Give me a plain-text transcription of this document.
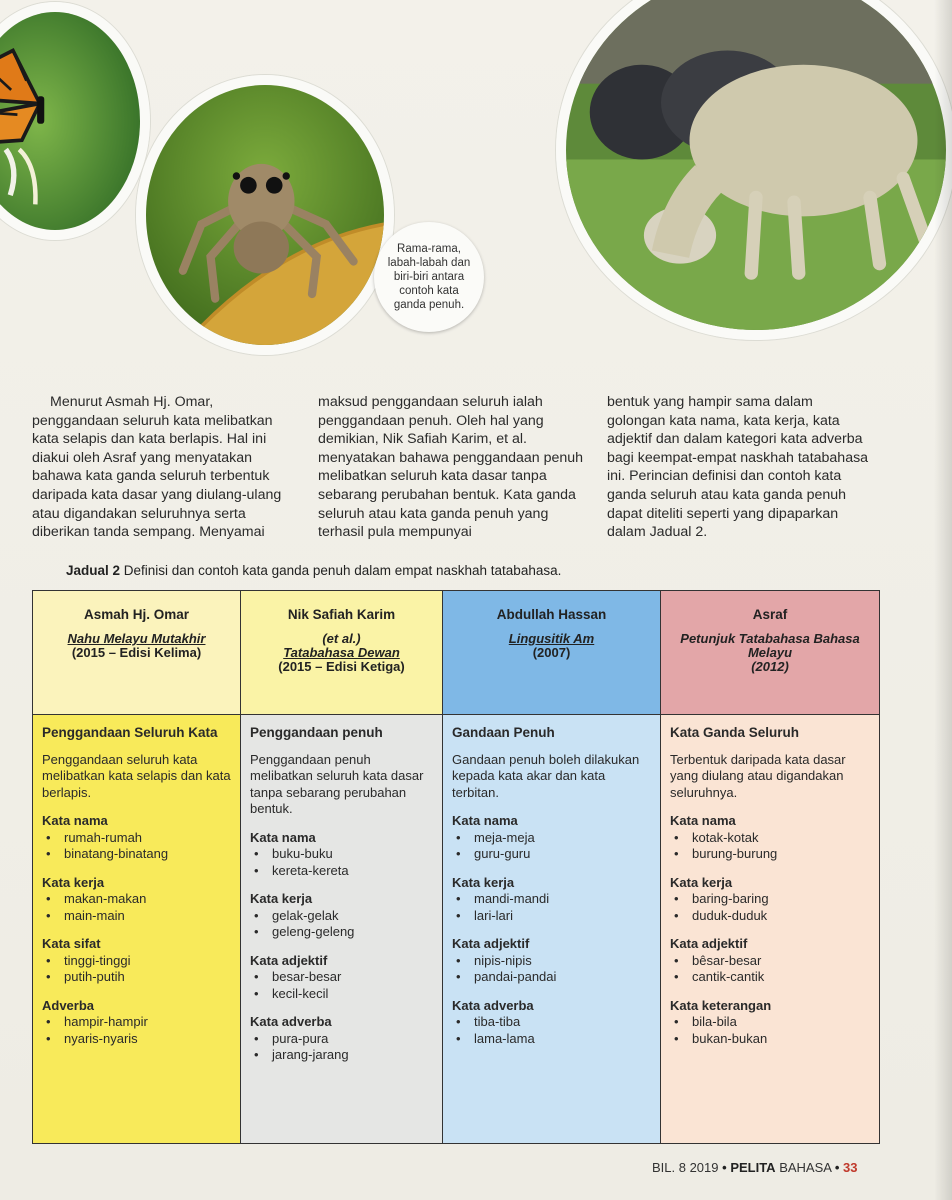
Rama-rama, labah-labah dan biri-biri antara contoh kata ganda penuh.

Menurut Asmah Hj. Omar, penggandaan seluruh kata melibatkan kata selapis dan kata berlapis. Hal ini diakui oleh Asraf yang menyatakan bahawa kata ganda seluruh terbentuk daripada kata dasar yang diulang-ulang atau digandakan seluruhnya serta diberikan tanda sempang. Menyamai

maksud penggandaan seluruh ialah penggandaan penuh. Oleh hal yang demikian, Nik Safiah Karim, et al. menyatakan bahawa penggandaan penuh melibatkan seluruh kata dasar tanpa sebarang perubahan bentuk. Kata ganda seluruh atau kata ganda penuh yang terhasil pula mempunyai

bentuk yang hampir sama dalam golongan kata nama, kata kerja, kata adjektif dan dalam kategori kata adverba bagi keempat-empat naskhah tatabahasa ini. Perincian definisi dan contoh kata ganda seluruh atau kata ganda penuh dapat diteliti seperti yang dipaparkan dalam Jadual 2.

Jadual 2 Definisi dan contoh kata ganda penuh dalam empat naskhah tatabahasa.
Asmah Hj. Omar
Nahu Melayu Mutakhir
(2015 – Edisi Kelima)
Penggandaan Seluruh Kata
Penggandaan seluruh kata melibatkan kata selapis dan kata berlapis.
Kata nama
• rumah-rumah
• binatang-binatang
Kata kerja
• makan-makan
• main-main
Kata sifat
• tinggi-tinggi
• putih-putih
Adverba
• hampir-hampir
• nyaris-nyaris
Nik Safiah Karim
(et al.)
Tatabahasa Dewan
(2015 – Edisi Ketiga)
Penggandaan penuh
Penggandaan penuh melibatkan seluruh kata dasar tanpa sebarang perubahan bentuk.
Kata nama
• buku-buku
• kereta-kereta
Kata kerja
• gelak-gelak
• geleng-geleng
Kata adjektif
• besar-besar
• kecil-kecil
Kata adverba
• pura-pura
• jarang-jarang
Abdullah Hassan
Lingusitik Am
(2007)
Gandaan Penuh
Gandaan penuh boleh dilakukan kepada kata akar dan kata terbitan.
Kata nama
• meja-meja
• guru-guru
Kata kerja
• mandi-mandi
• lari-lari
Kata adjektif
• nipis-nipis
• pandai-pandai
Kata adverba
• tiba-tiba
• lama-lama
Asraf
Petunjuk Tatabahasa Bahasa Melayu
(2012)
Kata Ganda Seluruh
Terbentuk daripada kata dasar yang diulang atau digandakan seluruhnya.
Kata nama
• kotak-kotak
• burung-burung
Kata kerja
• baring-baring
• duduk-duduk
Kata adjektif
• bêsar-besar
• cantik-cantik
Kata keterangan
• bila-bila
• bukan-bukan
BIL. 8 2019 • PELITA BAHASA • 33
